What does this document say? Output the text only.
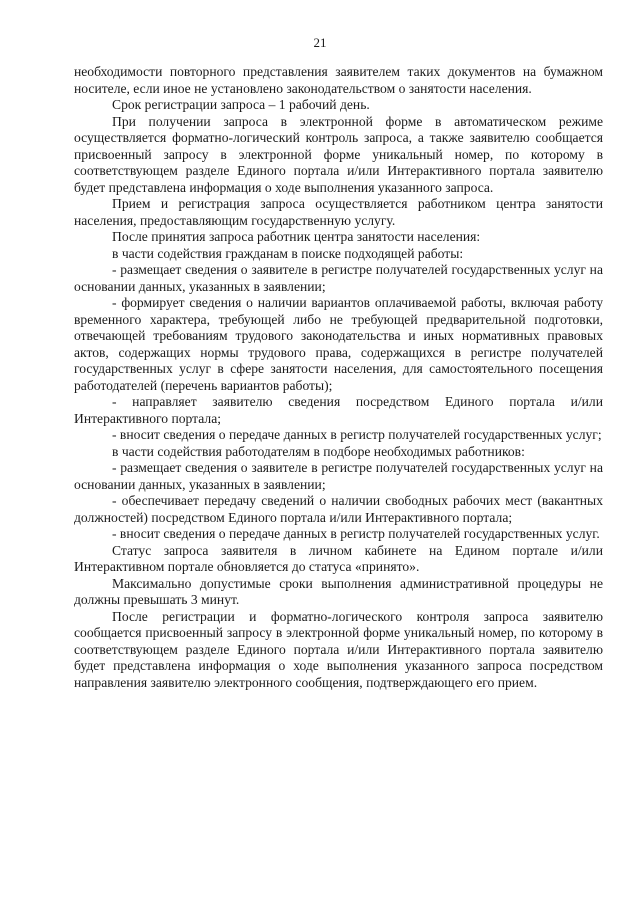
21

необходимости повторного представления заявителем таких документов на бумажном носителе, если иное не установлено законодательством о занятости населения.

Срок регистрации запроса – 1 рабочий день.

При получении запроса в электронной форме в автоматическом режиме осуществляется форматно-логический контроль запроса, а также заявителю сообщается присвоенный запросу в электронной форме уникальный номер, по которому в соответствующем разделе Единого портала и/или Интерактивного портала заявителю будет представлена информация о ходе выполнения указанного запроса.

Прием и регистрация запроса осуществляется работником центра занятости населения, предоставляющим государственную услугу.

После принятия запроса работник центра занятости населения:

в части содействия гражданам в поиске подходящей работы:

- размещает сведения о заявителе в регистре получателей государственных услуг на основании данных, указанных в заявлении;

- формирует сведения о наличии вариантов оплачиваемой работы, включая работу временного характера, требующей либо не требующей предварительной подготовки, отвечающей требованиям трудового законодательства и иных нормативных правовых актов, содержащих нормы трудового права, содержащихся в регистре получателей государственных услуг в сфере занятости населения, для самостоятельного посещения работодателей (перечень вариантов работы);

- направляет заявителю сведения посредством Единого портала и/или Интерактивного портала;

- вносит сведения о передаче данных в регистр получателей государственных услуг;

в части содействия работодателям в подборе необходимых работников:

- размещает сведения о заявителе в регистре получателей государственных услуг на основании данных, указанных в заявлении;

- обеспечивает передачу сведений о наличии свободных рабочих мест (вакантных должностей) посредством Единого портала и/или Интерактивного портала;

- вносит сведения о передаче данных в регистр получателей государственных услуг.

Статус запроса заявителя в личном кабинете на Едином портале и/или Интерактивном портале обновляется до статуса «принято».

Максимально допустимые сроки выполнения административной процедуры не должны превышать 3 минут.

После регистрации и форматно-логического контроля запроса заявителю сообщается присвоенный запросу в электронной форме уникальный номер, по которому в соответствующем разделе Единого портала и/или Интерактивного портала заявителю будет представлена информация о ходе выполнения указанного запроса посредством направления заявителю электронного сообщения, подтверждающего его прием.
